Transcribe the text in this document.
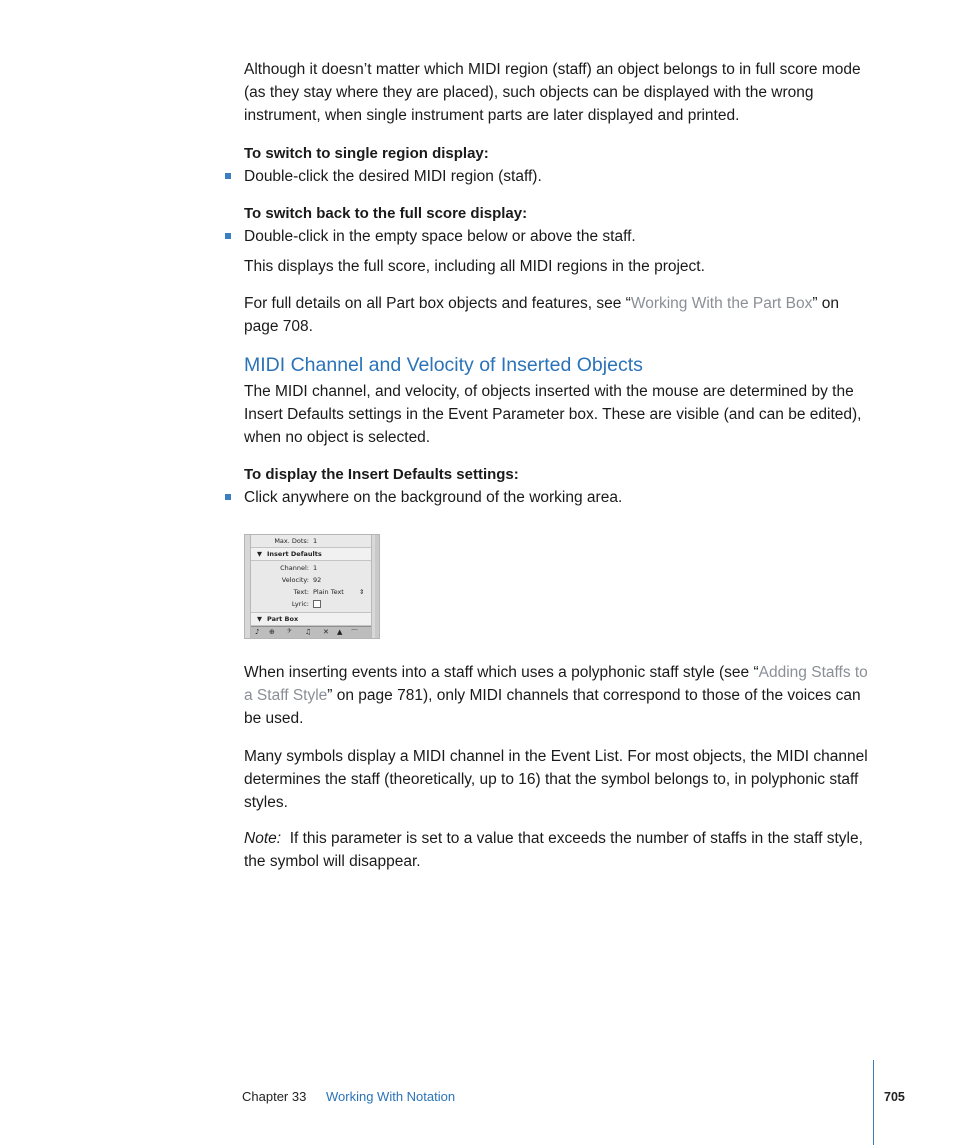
Although it doesn’t matter which MIDI region (staff) an object belongs to in full score mode (as they stay where they are placed), such objects can be displayed with the wrong instrument, when single instrument parts are later displayed and printed.

To switch to single region display:

Double-click the desired MIDI region (staff).

To switch back to the full score display:

Double-click in the empty space below or above the staff.

This displays the full score, including all MIDI regions in the project.

For full details on all Part box objects and features, see “Working With the Part Box” on page 708.

MIDI Channel and Velocity of Inserted Objects

The MIDI channel, and velocity, of objects inserted with the mouse are determined by the Insert Defaults settings in the Event Parameter box. These are visible (and can be edited), when no object is selected.

To display the Insert Defaults settings:

Click anywhere on the background of the working area.
Max. Dots: 1
▼ Insert Defaults
Channel: 1
Velocity: 92
Text: Plain Text ⇕
Lyric:
▼ Part Box
♪ ⊕ 𝄢 ♫ ✕ ▲ ⌒

When inserting events into a staff which uses a polyphonic staff style (see “Adding Staffs to a Staff Style” on page 781), only MIDI channels that correspond to those of the voices can be used.

Many symbols display a MIDI channel in the Event List. For most objects, the MIDI channel determines the staff (theoretically, up to 16) that the symbol belongs to, in polyphonic staff styles.

Note: If this parameter is set to a value that exceeds the number of staffs in the staff style, the symbol will disappear.

Chapter 33 Working With Notation	705
